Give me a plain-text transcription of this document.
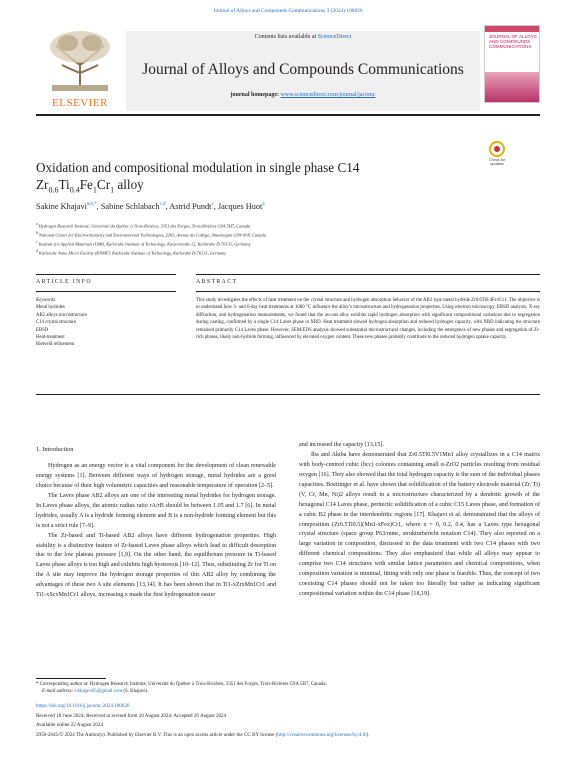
Journal of Alloys and Compounds Communications 3 (2024) 100026
ELSEVIER
Contents lists available at ScienceDirect
Journal of Alloys and Compounds Communications
journal homepage: www.sciencedirect.com/journal/jacomc
JOURNAL OF ALLOYS AND COMPOUNDS COMMUNICATIONS
Check for updates
Oxidation and compositional modulation in single phase C14
$Zr_{0.6}Ti_{0.4}Fe_1Cr_1$ alloy
Sakine Khajavi$^{a,b,*}$, Sabine Schlabach$^{c,d}$, Astrid Pundt$^c$, Jacques Huot$^a$
$^a$ Hydrogen Research Institute, Université du Québec à Trois-Rivières, 3351 des Forges, Trois-Rivières G9A 5H7, Canada
$^b$ National Center for Electrochemistry and Environmental Technologies, 2263, Avenue du Collège, Shawinigan G9N 6V8, Canada
$^c$ Institute for Applied Materials (IAM), Karlsruhe Institute of Technology, Kaiserstraße 12, Karlsruhe D-76131, Germany
$^d$ Karlsruhe Nano Micro Facility (KNMF), Karlsruhe Institute of Technology, Karlsruhe D-76131, Germany
ARTICLE INFO	ABSTRACT
Keywords:
Metal hydrides
AB2 alloys microstructure
C14 crystal structure
EBSD
Heat-treatment
Rietveld refinement
This study investigates the effects of heat treatment on the crystal structure and hydrogen absorption behavior of the AB2 type metal hydride Zr0.6Ti0.4Fe1Cr1. The objective is to understand how 3- and 6-day heat treatments at 1000 °C influence the alloy’s microstructure and hydrogenation properties. Using electron microscopy, EBSD analysis, X-ray diffraction, and hydrogenation measurements, we found that the as-cast alloy exhibits rapid hydrogen absorption with significant compositional variations due to segregation during casting, confirmed by a single C14 Laves phase in XRD. Heat treatment slowed hydrogen absorption and reduced hydrogen capacity, with XRD indicating the structure remained primarily C14 Laves phase. However, SEM/EDS analysis showed substantial microstructural changes, including the emergence of new phases and segregation of Zr-rich phases, likely non-hydride forming, influenced by elevated oxygen content. These new phases probably contribute to the reduced hydrogen uptake capacity.
1. Introduction

Hydrogen as an energy vector is a vital component for the development of clean renewable energy systems [1]. Between different ways of hydrogen storage, metal hydrides are a good choice because of their high volumetric capacities and reasonable temperature of operation [2–5].

The Laves phase AB2 alloys are one of the interesting metal hydrides for hydrogen storage. In Laves phase alloys, the atomic radius ratio rA/rB should be between 1.05 and 1.7 [6]. In metal hydrides, usually A is a hydride forming element and B is a non-hydride forming element but this is not a strict rule [7–9].

The Zr-based and Ti-based AB2 alloys have different hydrogenation properties. High stability is a distinctive feature of Zr-based Laves phase alloys which lead to difficult desorption due to the low plateau pressure [1,9]. On the other hand, the equilibrium pressure in Ti-based Laves phase alloys is too high and exhibits high hysteresis [10–12]. Thus, substituting Zr for Ti on the A site may improve the hydrogen storage properties of this AB2 alloy by combining the advantages of these two A site elements [13,14]. It has been shown that in Ti1-xZrxMn1Cr1 and Ti1-xScxMn1Cr1 alloys, increasing x made the first hydrogenation easier

and increased the capacity [13,15].

Iba and Akiba have demonstrated that Zr0.5Ti0.5V1Mn1 alloy crystallizes in a C14 matrix with body-centred cubic (bcc) colonies containing small α-ZrO2 particles resulting from residual oxygen [16]. They also showed that the total hydrogen capacity is the sum of the individual phases capacities. Boettinger et al. have shown that solidification of the battery electrode material (Zr, Ti)(V, Cr, Mn, Ni)2 alloys result in a microstructure characterized by a dendritic growth of the hexagonal C14 Laves phase, peritectic solidification of a cubic C15 Laves phase, and formation of a cubic B2 phase in the interdendritic regions [17]. Khajavi et al. demonstrated that the alloys of composition (Zr0.5Ti0.5)(Mn1-xFex)Cr1, where x = 0, 0.2, 0.4, has a Laves type hexagonal crystal structure (space group P63/mmc, strukturbericht notation C14). They also reported on a large variation in composition, discussed in the data treatment with two C14 phases with two different chemical compositions. They also emphasized that while all alloys may appear to comprise two C14 structures with similar lattice parameters and chemical compositions, when composition variation is minimal, fitting with only one phase is feasible. Thus, the concept of two coexisting C14 phases should not be taken too literally but rather as indicating significant compositional variation within the C14 phase [18,19].

* Corresponding author at: Hydrogen Research Institute, Université du Québec à Trois-Rivières, 3351 des Forges, Trois-Rivières G9A 5H7, Canada.
E-mail address: s.khajavi65@gmail.com (S. Khajavi).
https://doi.org/10.1016/j.jacomc.2024.100026
Received 18 June 2024; Received in revised form 10 August 2024; Accepted 20 August 2024
Available online 22 August 2024
2950-2845/© 2024 The Author(s). Published by Elsevier B.V. This is an open access article under the CC BY license (http://creativecommons.org/licenses/by/4.0/).
